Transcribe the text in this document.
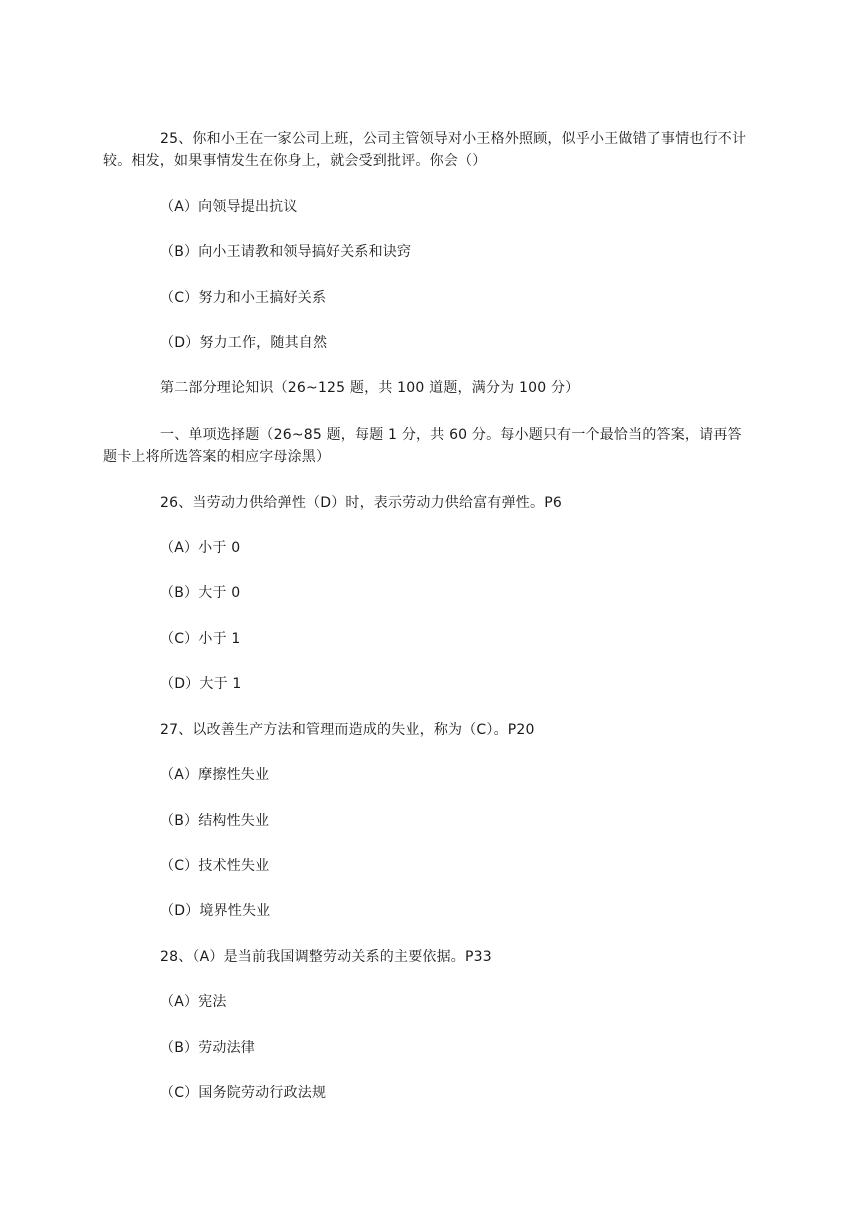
25、你和小王在一家公司上班，公司主管领导对小王格外照顾，似乎小王做错了事情也行不计较。相发，如果事情发生在你身上，就会受到批评。你会（）

（A）向领导提出抗议

（B）向小王请教和领导搞好关系和诀窍

（C）努力和小王搞好关系

（D）努力工作，随其自然

第二部分理论知识（26~125 题，共 100 道题，满分为 100 分）

一、单项选择题（26~85 题，每题 1 分，共 60 分。每小题只有一个最恰当的答案，请再答题卡上将所选答案的相应字母涂黑）

26、当劳动力供给弹性（D）时，表示劳动力供给富有弹性。P6

（A）小于 0

（B）大于 0

（C）小于 1

（D）大于 1

27、以改善生产方法和管理而造成的失业，称为（C）。P20

（A）摩擦性失业

（B）结构性失业

（C）技术性失业

（D）境界性失业

28、（A）是当前我国调整劳动关系的主要依据。P33

（A）宪法

（B）劳动法律

（C）国务院劳动行政法规
